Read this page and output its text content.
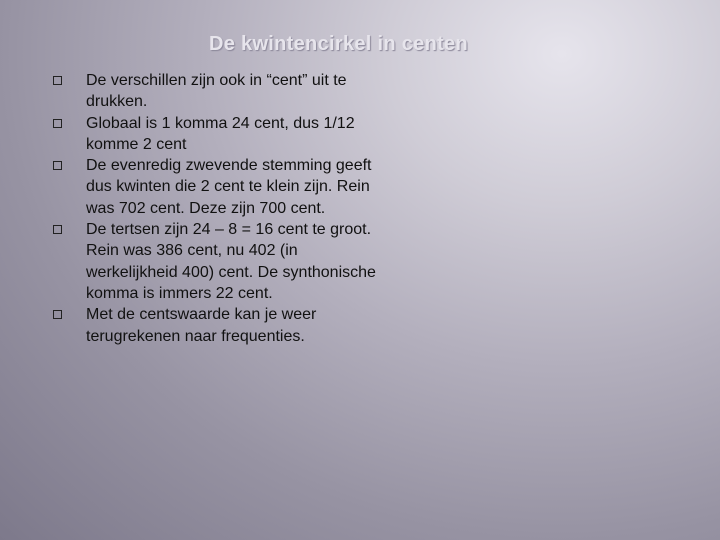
De kwintencirkel in centen
De verschillen zijn ook in “cent” uit te drukken.
Globaal is 1 komma 24 cent, dus 1/12 komme 2 cent
De evenredig zwevende stemming geeft dus kwinten die 2 cent te klein zijn. Rein was 702 cent. Deze zijn 700 cent.
De tertsen zijn 24 – 8 = 16 cent te groot. Rein was 386 cent, nu 402 (in werkelijkheid 400) cent. De synthonische komma is immers 22 cent.
Met de centswaarde kan je weer terugrekenen naar frequenties.
